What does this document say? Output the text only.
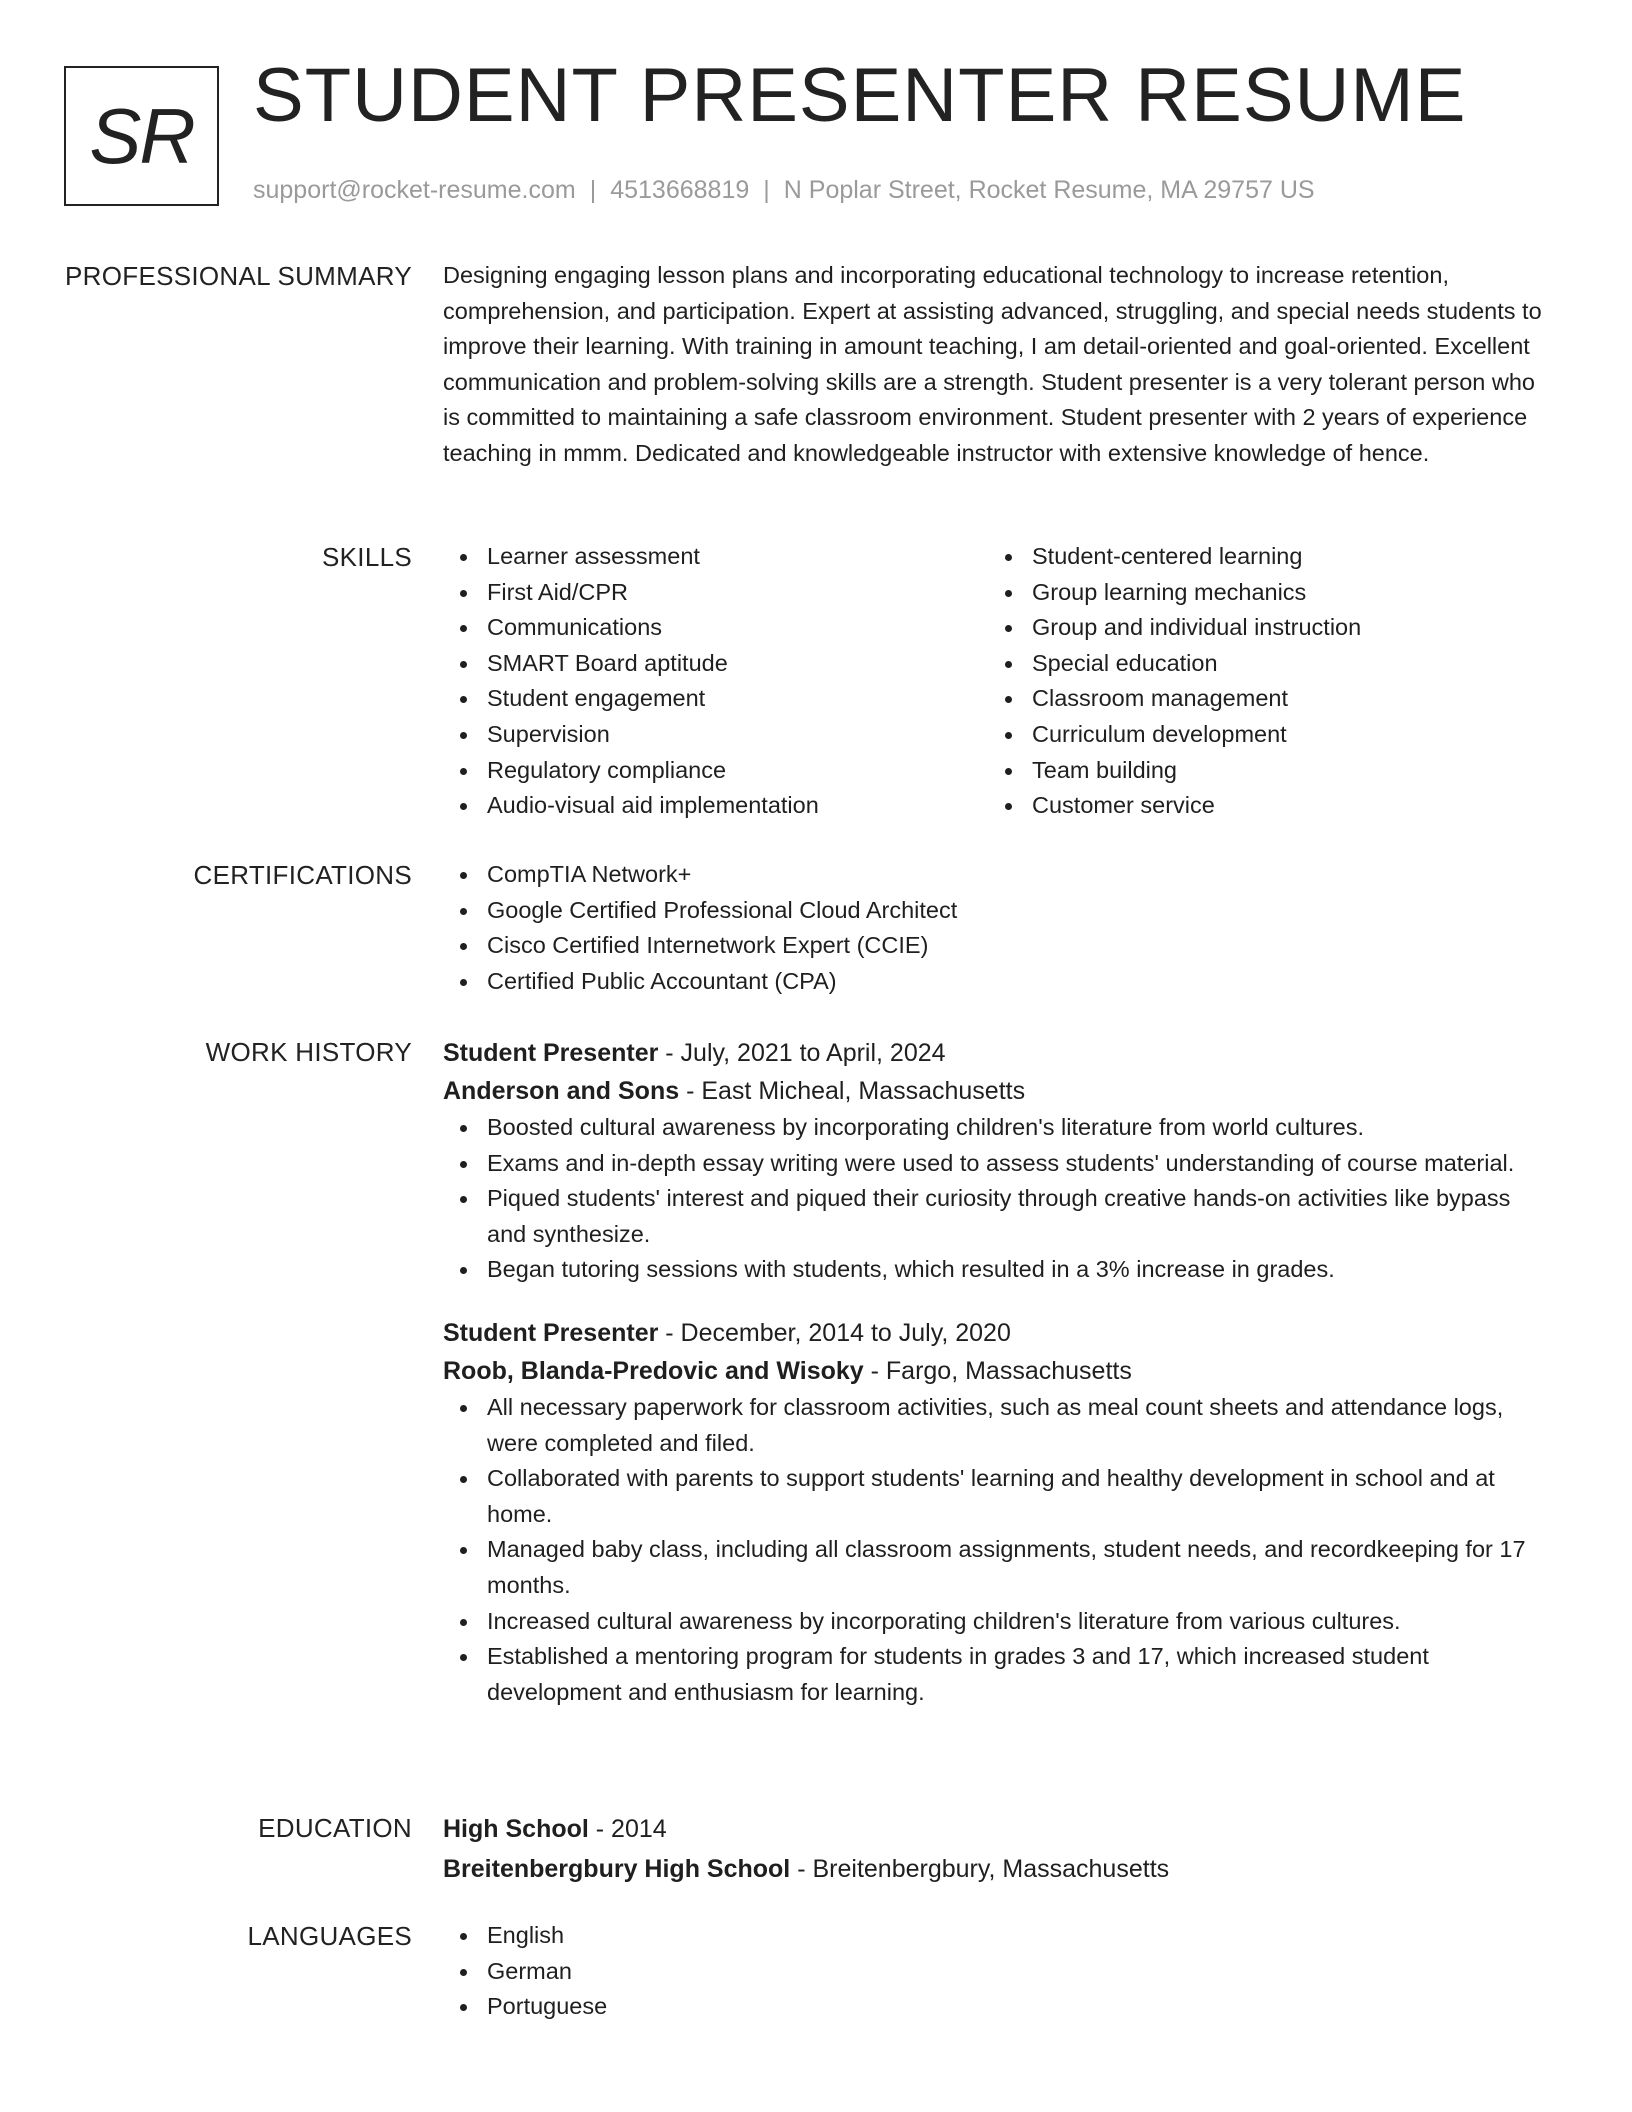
SR STUDENT PRESENTER RESUME
support@rocket-resume.com | 4513668819 | N Poplar Street, Rocket Resume, MA 29757 US
PROFESSIONAL SUMMARY Designing engaging lesson plans and incorporating educational technology to increase retention, comprehension, and participation. Expert at assisting advanced, struggling, and special needs students to improve their learning. With training in amount teaching, I am detail-oriented and goal-oriented. Excellent communication and problem-solving skills are a strength. Student presenter is a very tolerant person who is committed to maintaining a safe classroom environment. Student presenter with 2 years of experience teaching in mmm. Dedicated and knowledgeable instructor with extensive knowledge of hence.
SKILLS	Learner assessment
First Aid/CPR
Communications
SMART Board aptitude
Student engagement
Supervision
Regulatory compliance
Audio-visual aid implementation
Student-centered learning
Group learning mechanics
Group and individual instruction
Special education
Classroom management
Curriculum development
Team building
Customer service
CERTIFICATIONS	CompTIA Network+
Google Certified Professional Cloud Architect
Cisco Certified Internetwork Expert (CCIE)
Certified Public Accountant (CPA)
WORK HISTORY Student Presenter - July, 2021 to April, 2024
Anderson and Sons - East Micheal, Massachusetts
Boosted cultural awareness by incorporating children's literature from world cultures.
Exams and in-depth essay writing were used to assess students' understanding of course material.
Piqued students' interest and piqued their curiosity through creative hands-on activities like bypass and synthesize.
Began tutoring sessions with students, which resulted in a 3% increase in grades.
Student Presenter - December, 2014 to July, 2020
Roob, Blanda-Predovic and Wisoky - Fargo, Massachusetts
All necessary paperwork for classroom activities, such as meal count sheets and attendance logs, were completed and filed.
Collaborated with parents to support students' learning and healthy development in school and at home.
Managed baby class, including all classroom assignments, student needs, and recordkeeping for 17 months.
Increased cultural awareness by incorporating children's literature from various cultures.
Established a mentoring program for students in grades 3 and 17, which increased student development and enthusiasm for learning.
EDUCATION High School - 2014
Breitenbergbury High School - Breitenbergbury, Massachusetts
LANGUAGES	English
German
Portuguese
